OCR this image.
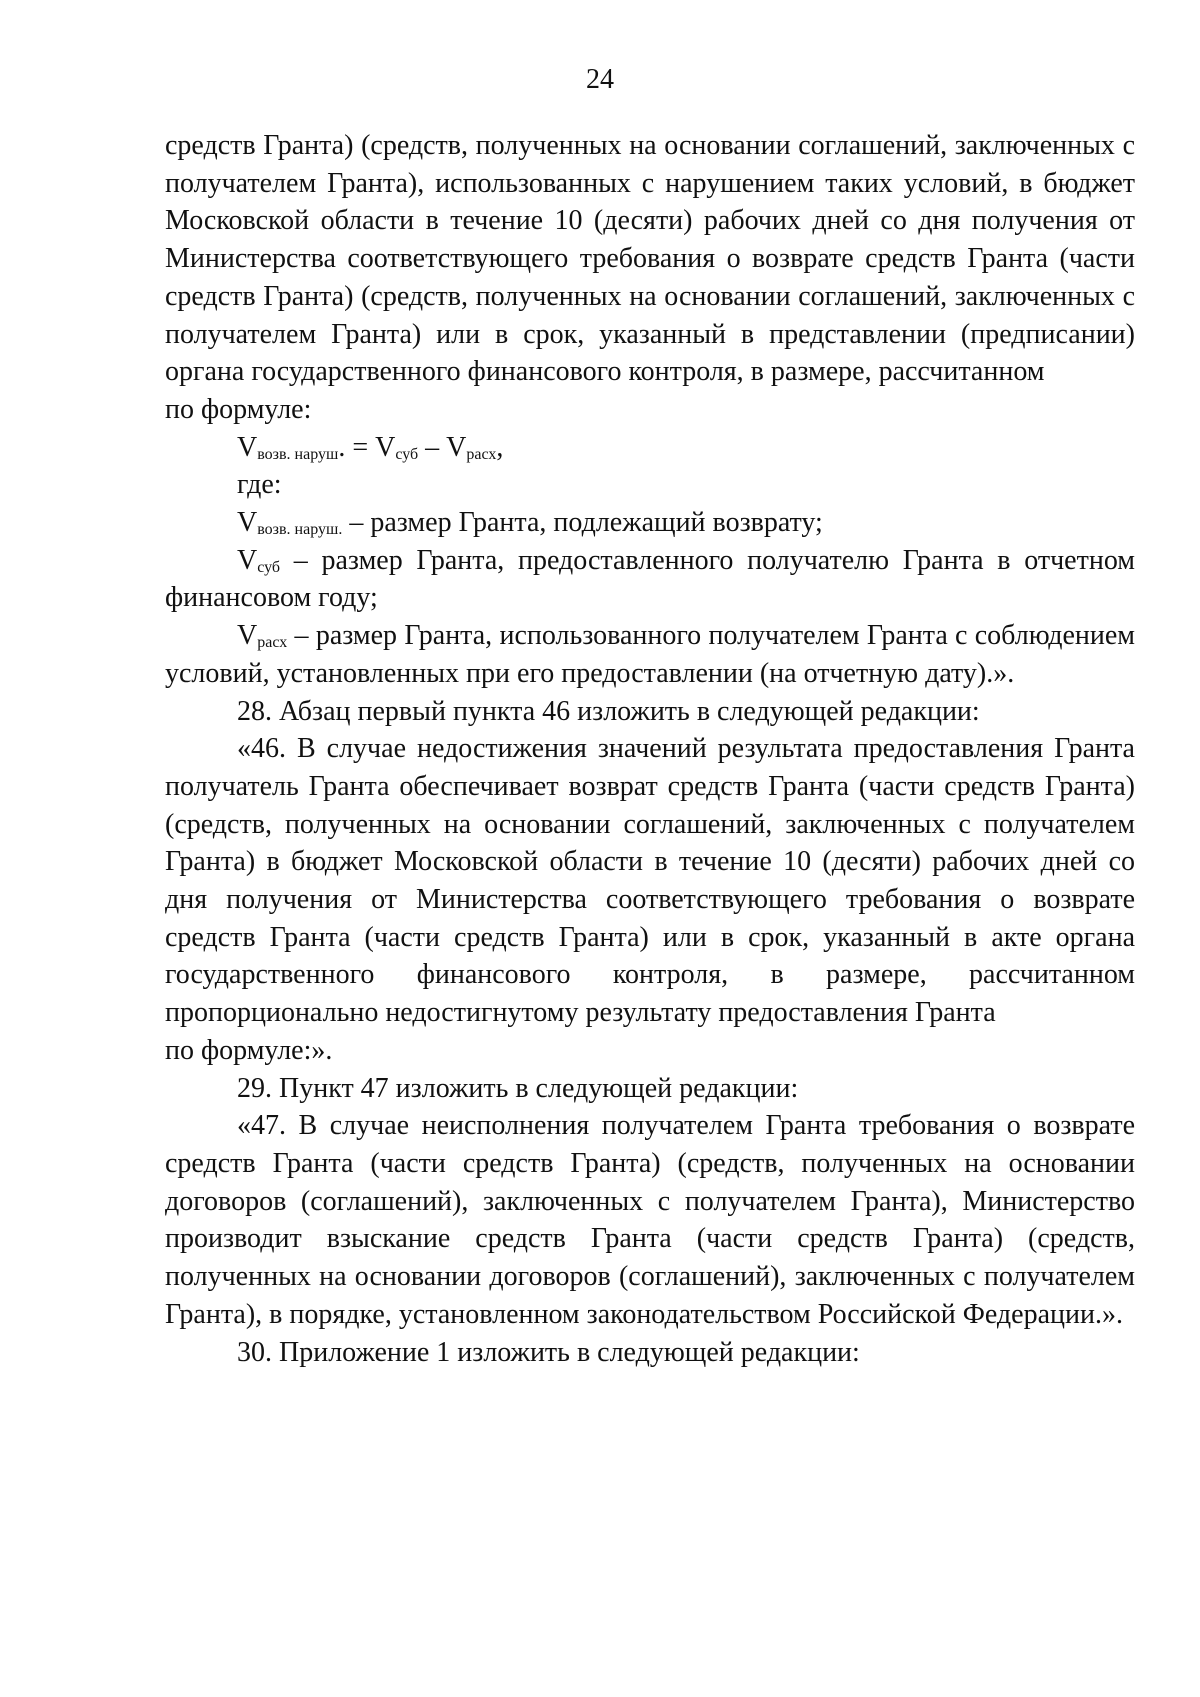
24

средств Гранта) (средств, полученных на основании соглашений, заключенных с получателем Гранта), использованных с нарушением таких условий, в бюджет Московской области в течение 10 (десяти) рабочих дней со дня получения от Министерства соответствующего требования о возврате средств Гранта (части средств Гранта) (средств, полученных на основании соглашений, заключенных с получателем Гранта) или в срок, указанный в представлении (предписании) органа государственного финансового контроля, в размере, рассчитанном

по формуле:

$V_{возв. наруш}$. = $V_{суб} - V_{расх}$,

где:

$V_{возв. наруш.}$ – размер Гранта, подлежащий возврату;

$V_{суб}$ – размер Гранта, предоставленного получателю Гранта в отчетном финансовом году;

$V_{расх}$ – размер Гранта, использованного получателем Гранта с соблюдением условий, установленных при его предоставлении (на отчетную дату).».

28. Абзац первый пункта 46 изложить в следующей редакции:

«46. В случае недостижения значений результата предоставления Гранта получатель Гранта обеспечивает возврат средств Гранта (части средств Гранта) (средств, полученных на основании соглашений, заключенных с получателем Гранта) в бюджет Московской области в течение 10 (десяти) рабочих дней со дня получения от Министерства соответствующего требования о возврате средств Гранта (части средств Гранта) или в срок, указанный в акте органа государственного финансового контроля, в размере, рассчитанном пропорционально недостигнутому результату предоставления Гранта

по формуле:».

29. Пункт 47 изложить в следующей редакции:

«47. В случае неисполнения получателем Гранта требования о возврате средств Гранта (части средств Гранта) (средств, полученных на основании договоров (соглашений), заключенных с получателем Гранта), Министерство производит взыскание средств Гранта (части средств Гранта) (средств, полученных на основании договоров (соглашений), заключенных с получателем Гранта), в порядке, установленном законодательством Российской Федерации.».

30. Приложение 1 изложить в следующей редакции:
